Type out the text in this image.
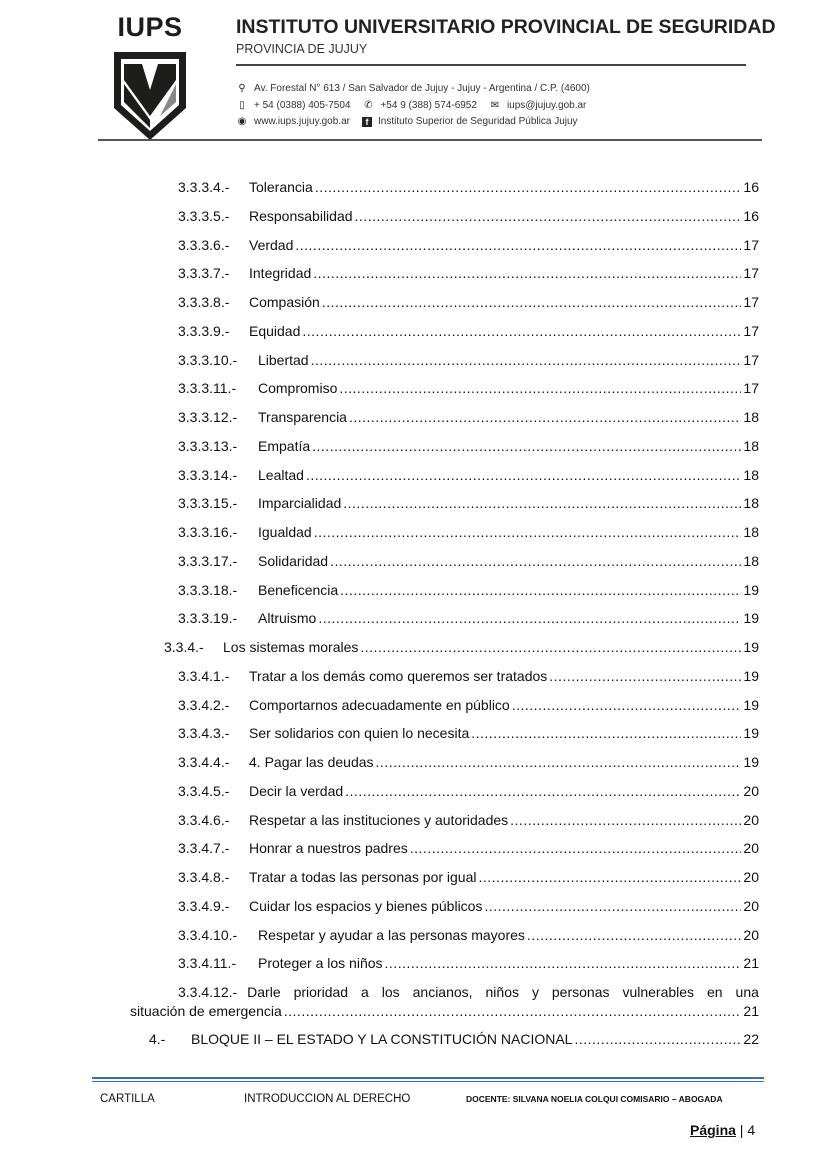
IUPS	INSTITUTO UNIVERSITARIO PROVINCIAL DE SEGURIDAD
PROVINCIA DE JUJUY
⚲ Av. Forestal N° 613 / San Salvador de Jujuy - Jujuy - Argentina / C.P. (4600)
▯ + 54 (0388) 405-7504 ✆ +54 9 (388) 574-6952 ✉ iups@jujuy.gob.ar
◉ www.iups.jujuy.gob.ar	f Instituto Superior de Seguridad Pública Jujuy
3.3.3.4.-	Tolerancia .....	16
3.3.3.5.-	Responsabilidad .....	16
3.3.3.6.-	Verdad .....	17
3.3.3.7.-	Integridad .....	17
3.3.3.8.-	Compasión .....	17
3.3.3.9.-	Equidad .....	17
3.3.3.10.-	Libertad .....	17
3.3.3.11.-	Compromiso .....	17
3.3.3.12.-	Transparencia .....	18
3.3.3.13.-	Empatía .....	18
3.3.3.14.-	Lealtad .....	18
3.3.3.15.-	Imparcialidad .....	18
3.3.3.16.-	Igualdad .....	18
3.3.3.17.-	Solidaridad .....	18
3.3.3.18.-	Beneficencia .....	19
3.3.3.19.-	Altruismo .....	19
3.3.4.-	Los sistemas morales .....	19
3.3.4.1.-	Tratar a los demás como queremos ser tratados .....	19
3.3.4.2.-	Comportarnos adecuadamente en público .....	19
3.3.4.3.-	Ser solidarios con quien lo necesita .....	19
3.3.4.4.-	4. Pagar las deudas .....	19
3.3.4.5.-	Decir la verdad .....	20
3.3.4.6.-	Respetar a las instituciones y autoridades .....	20
3.3.4.7.-	Honrar a nuestros padres .....	20
3.3.4.8.-	Tratar a todas las personas por igual .....	20
3.3.4.9.-	Cuidar los espacios y bienes públicos .....	20
3.3.4.10.-	Respetar y ayudar a las personas mayores .....	20
3.3.4.11.-	Proteger a los niños .....	21
3.3.4.12.- Darle prioridad a los ancianos, niños y personas vulnerables en una
situación de emergencia .....	21
4.-	BLOQUE II – EL ESTADO Y LA CONSTITUCIÓN NACIONAL .....	22
CARTILLA	INTRODUCCION AL DERECHO	DOCENTE: SILVANA NOELIA COLQUI COMISARIO – ABOGADA
Página | 4
